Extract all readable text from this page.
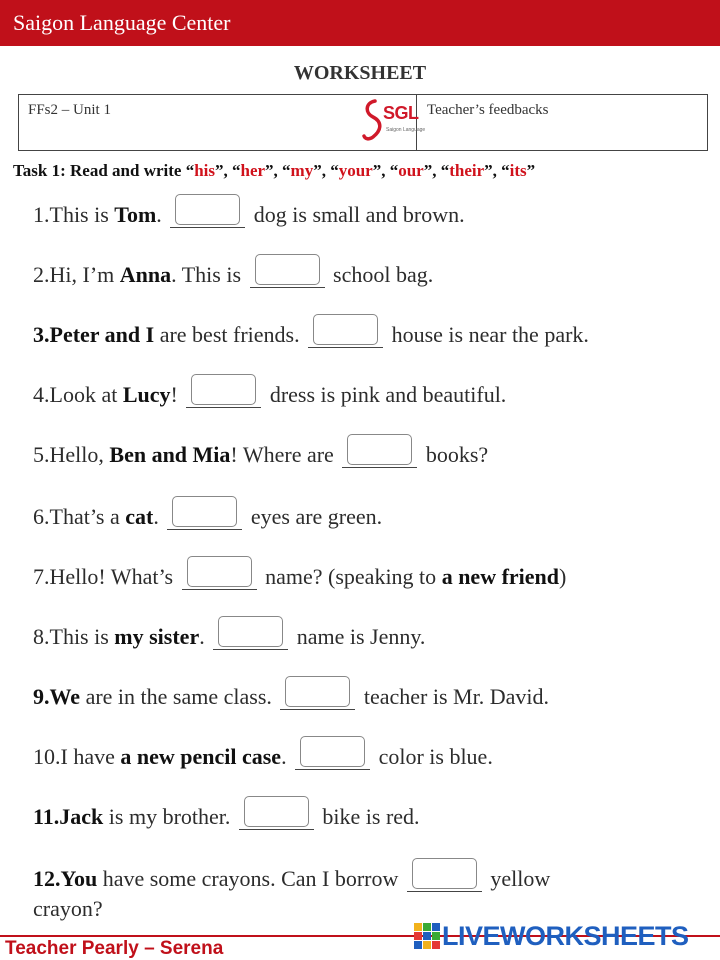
Saigon Language Center
WORKSHEET
FFs2 – Unit 1	SGL
Saigon Language
Teacher’s feedbacks
Task 1: Read and write “his”, “her”, “my”, “your”, “our”, “their”, “its”
1.This is Tom.	dog is small and brown.
2.Hi, I’m Anna. This is	school bag.
3.Peter and I are best friends.	house is near the park.
4.Look at Lucy!	dress is pink and beautiful.
5.Hello, Ben and Mia! Where are	books?
6.That’s a cat.	eyes are green.
7.Hello! What’s	name? (speaking to a new friend)
8.This is my sister.	name is Jenny.
9.We are in the same class.	teacher is Mr. David.
10.I have a new pencil case.	color is blue.
11.Jack is my brother.	bike is red.
12.You have some crayons. Can I borrow	yellow
crayon?
Teacher Pearly – Serena	LIVEWORKSHEETS
